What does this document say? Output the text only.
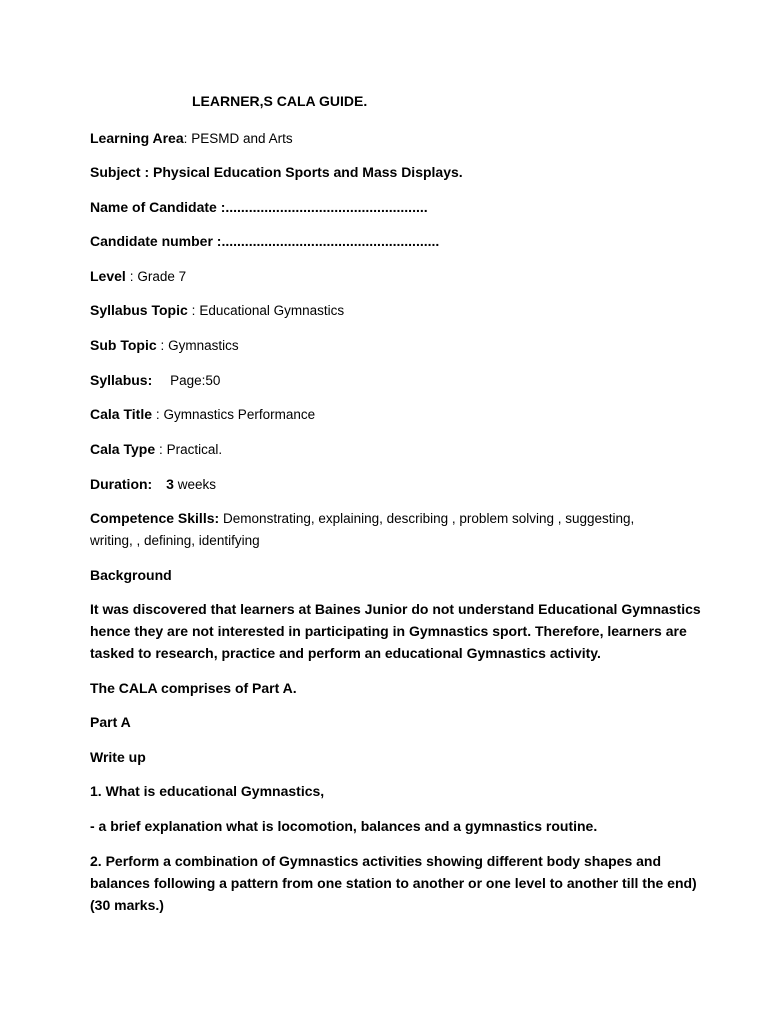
LEARNER,S CALA GUIDE.
Learning Area: PESMD and Arts
Subject : Physical Education Sports and Mass Displays.
Name of Candidate :....................................................
Candidate number :........................................................
Level : Grade 7
Syllabus Topic : Educational Gymnastics
Sub Topic : Gymnastics
Syllabus: Page:50
Cala Title : Gymnastics Performance
Cala Type : Practical.
Duration: 3 weeks
Competence Skills: Demonstrating, explaining, describing , problem solving , suggesting,
writing, , defining, identifying
Background
It was discovered that learners at Baines Junior do not understand Educational Gymnastics
hence they are not interested in participating in Gymnastics sport. Therefore, learners are
tasked to research, practice and perform an educational Gymnastics activity.
The CALA comprises of Part A.
Part A
Write up
1. What is educational Gymnastics,
- a brief explanation what is locomotion, balances and a gymnastics routine.
2. Perform a combination of Gymnastics activities showing different body shapes and
balances following a pattern from one station to another or one level to another till the end)
(30 marks.)
